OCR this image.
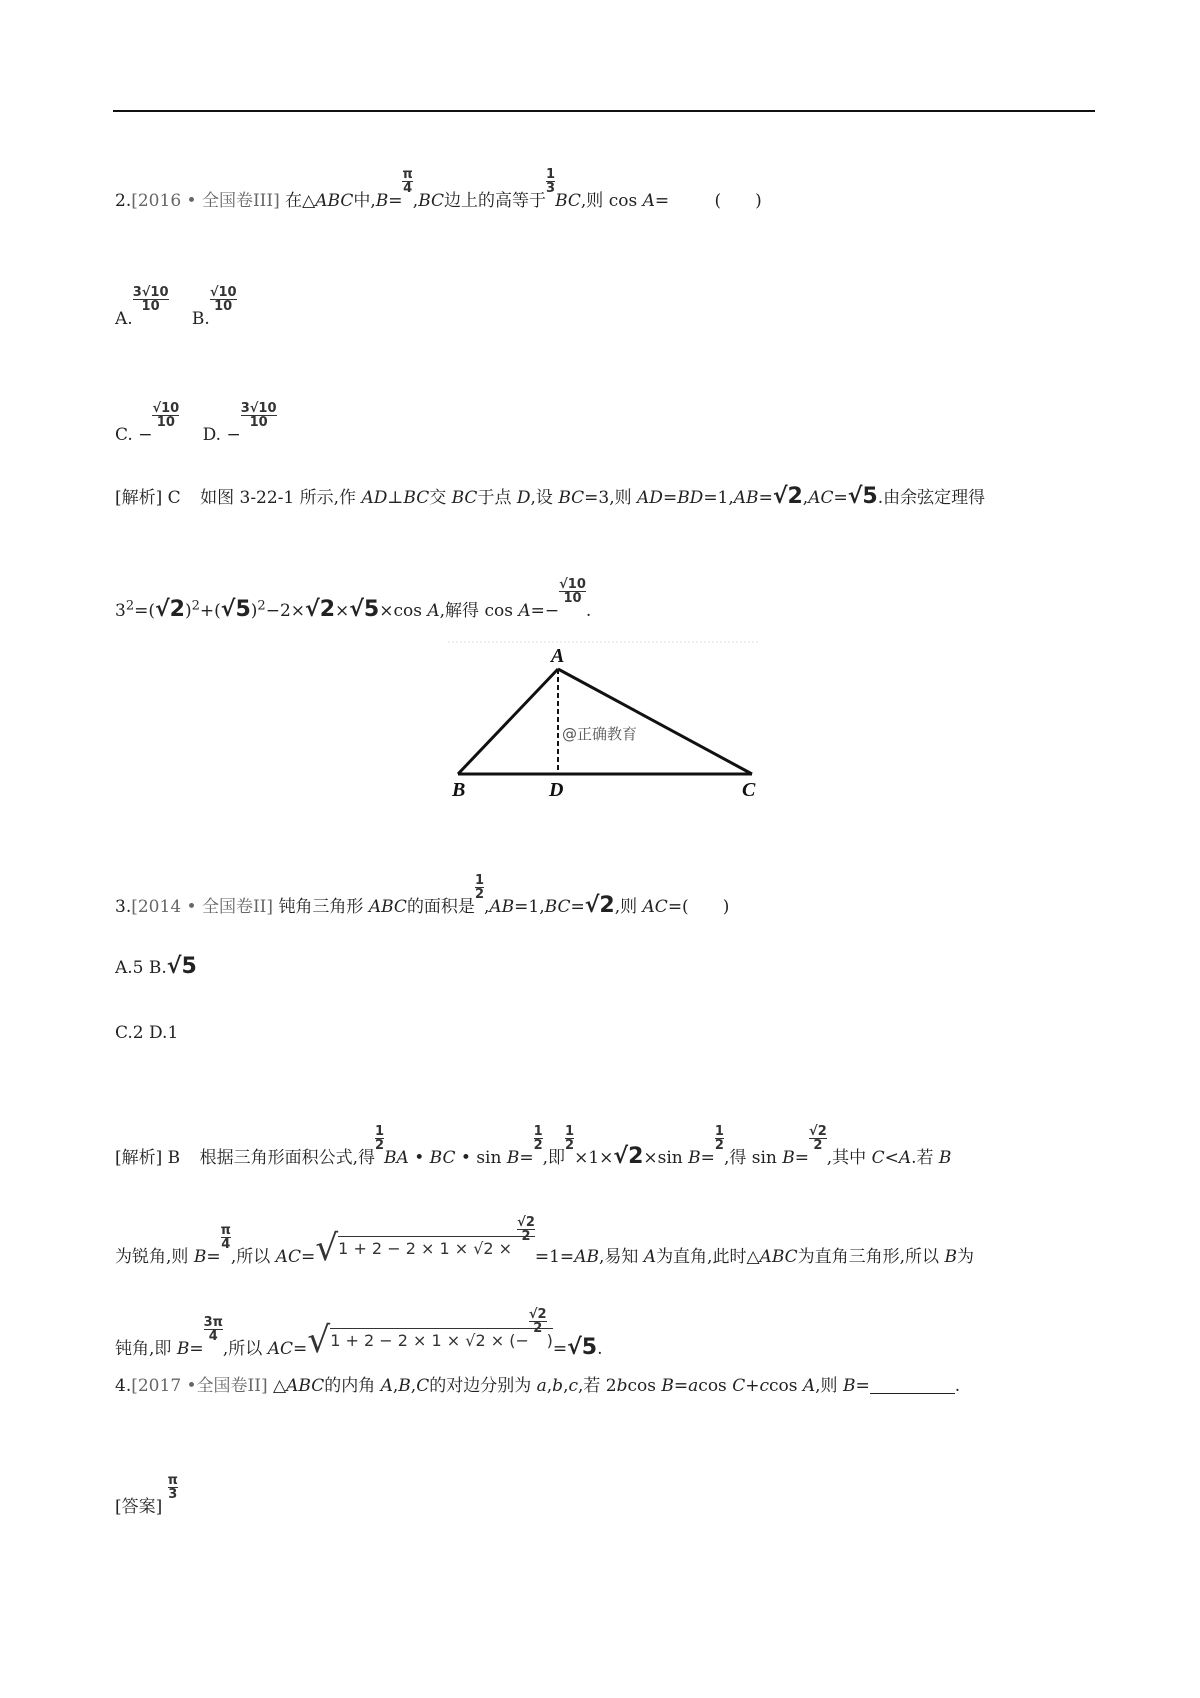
2.[2016 • 全国卷III] 在△ABC中,B=
$\frac{\pi}{4}$
,BC边上的高等于
$\frac{1}{3}$
BC,则 cos A=	(　　)
A.
$\frac{3√10}{10}$
B.
$\frac{√10}{10}$
C. −
$\frac{√10}{10}$
D. −
$\frac{3√10}{10}$
[解析] C 如图 3-22-1 所示,作 AD⊥BC交 BC于点 D,设 BC=3,则 AD=BD=1,AB=√2,AC=√5.由余弦定理得
$3^2=(√2)^2+(√5)^2-2\times√2\times√5\times\cos$ A,解得 cos A=−
$\frac{√10}{10}$
.
A
B	C
D
@正确教育
3.[2014 • 全国卷II] 钝角三角形 ABC的面积是
$\frac{1}{2}$
,AB=1,BC=√2,则 AC=(　　)
A.5 B.√5
C.2 D.1
[解析] B 根据三角形面积公式,得
$\frac{1}{2}$
BA • BC • sin B=
$\frac{1}{2}$
,即
$\frac{1}{2}$
×1×√2×sin B=
$\frac{1}{2}$
,得 sin B=
$\frac{√2}{2}$
,其中 C<A.若 B
为锐角,则 B=
$\frac{\pi}{4}$
,所以 AC=√1 + 2 − 2 × 1 × √2 ×
$\frac{√2}{2}$
=1=AB,易知 A为直角,此时△ABC为直角三角形,所以 B为
钝角,即 B=
$\frac{3\pi}{4}$
,所以 AC=√1 + 2 − 2 × 1 × √2 × (−
$\frac{√2}{2}$
)=√5.
4.[2017 •全国卷II] △ABC的内角 A,B,C的对边分别为 a,b,c,若 2bcos B=acos C+ccos A,则 B=	.
[答案]
$\frac{\pi}{3}$
